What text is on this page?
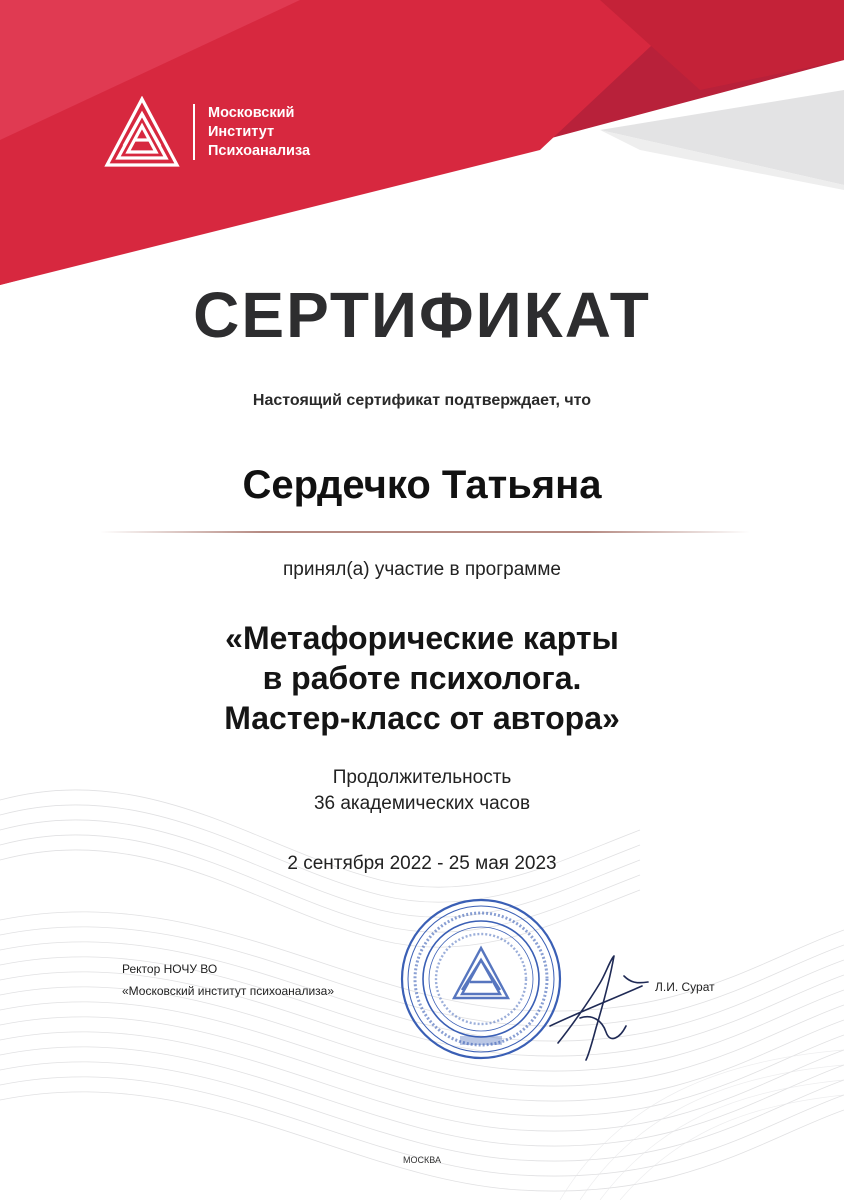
Московский
Институт
Психоанализа
СЕРТИФИКАТ
Настоящий сертификат подтверждает, что
Сердечко Татьяна
принял(а) участие в программе
«Метафорические карты
в работе психолога.
Мастер-класс от автора»
Продолжительность
36 академических часов
2 сентября 2022 - 25 мая 2023
Ректор НОЧУ ВО
«Московский институт психоанализа»	Л.И. Сурат
МОСКВА
